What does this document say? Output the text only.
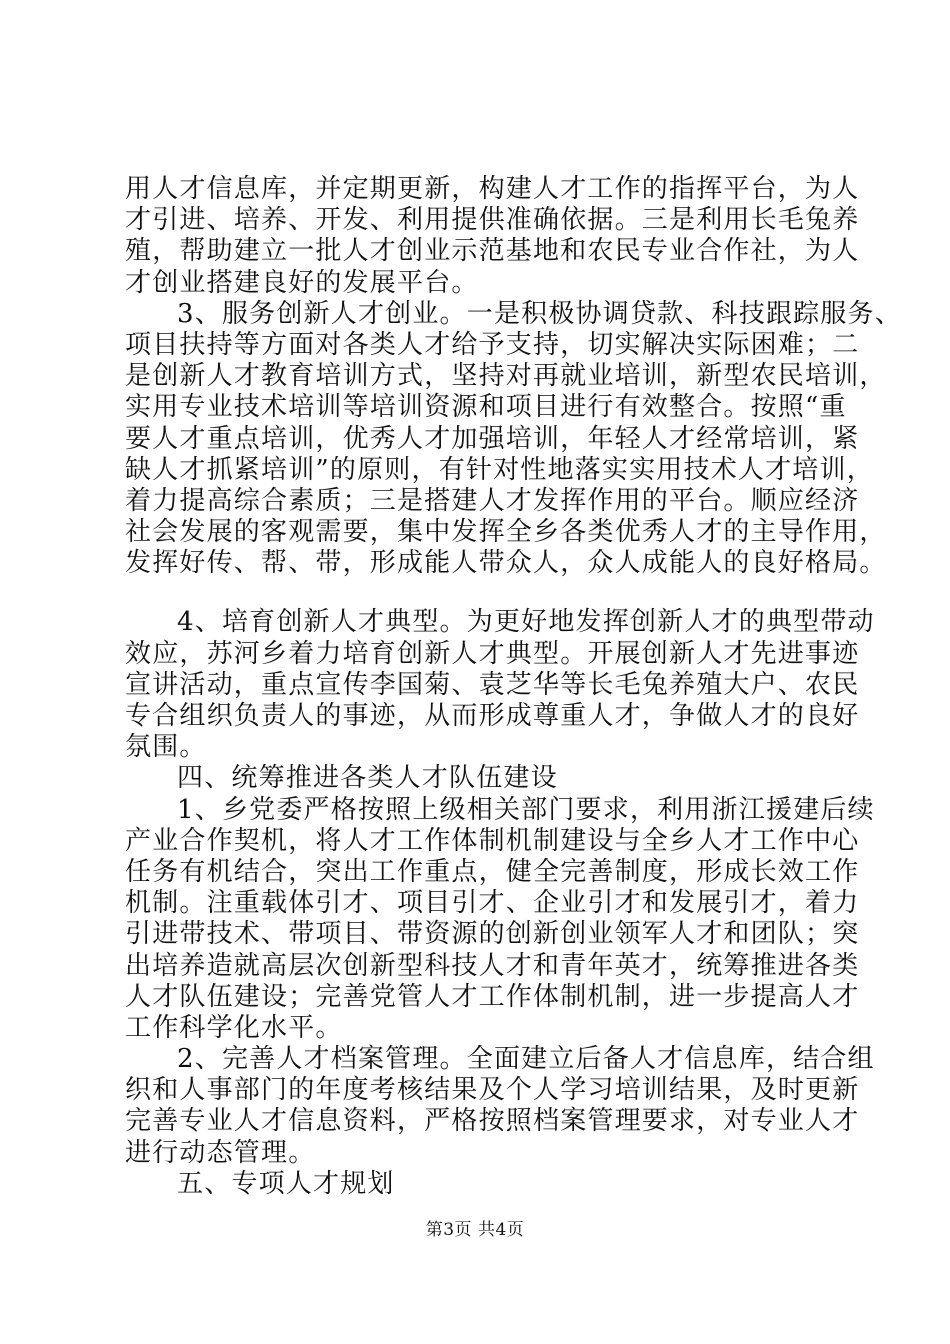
用人才信息库，并定期更新，构建人才工作的指挥平台，为人
才引进、培养、开发、利用提供准确依据。三是利用长毛兔养
殖，帮助建立一批人才创业示范基地和农民专业合作社，为人
才创业搭建良好的发展平台。
3、服务创新人才创业。一是积极协调贷款、科技跟踪服务、
项目扶持等方面对各类人才给予支持，切实解决实际困难；二
是创新人才教育培训方式，坚持对再就业培训，新型农民培训，
实用专业技术培训等培训资源和项目进行有效整合。按照“重
要人才重点培训，优秀人才加强培训，年轻人才经常培训，紧
缺人才抓紧培训”的原则，有针对性地落实实用技术人才培训，
着力提高综合素质；三是搭建人才发挥作用的平台。顺应经济
社会发展的客观需要，集中发挥全乡各类优秀人才的主导作用，
发挥好传、帮、带，形成能人带众人，众人成能人的良好格局。
4、培育创新人才典型。为更好地发挥创新人才的典型带动
效应，苏河乡着力培育创新人才典型。开展创新人才先进事迹
宣讲活动，重点宣传李国菊、袁芝华等长毛兔养殖大户、农民
专合组织负责人的事迹，从而形成尊重人才，争做人才的良好
氛围。
四、统筹推进各类人才队伍建设
1、乡党委严格按照上级相关部门要求，利用浙江援建后续
产业合作契机，将人才工作体制机制建设与全乡人才工作中心
任务有机结合，突出工作重点，健全完善制度，形成长效工作
机制。注重载体引才、项目引才、企业引才和发展引才，着力
引进带技术、带项目、带资源的创新创业领军人才和团队；突
出培养造就高层次创新型科技人才和青年英才，统筹推进各类
人才队伍建设；完善党管人才工作体制机制，进一步提高人才
工作科学化水平。
2、完善人才档案管理。全面建立后备人才信息库，结合组
织和人事部门的年度考核结果及个人学习培训结果，及时更新
完善专业人才信息资料，严格按照档案管理要求，对专业人才
进行动态管理。
五、专项人才规划
第3页 共4页
